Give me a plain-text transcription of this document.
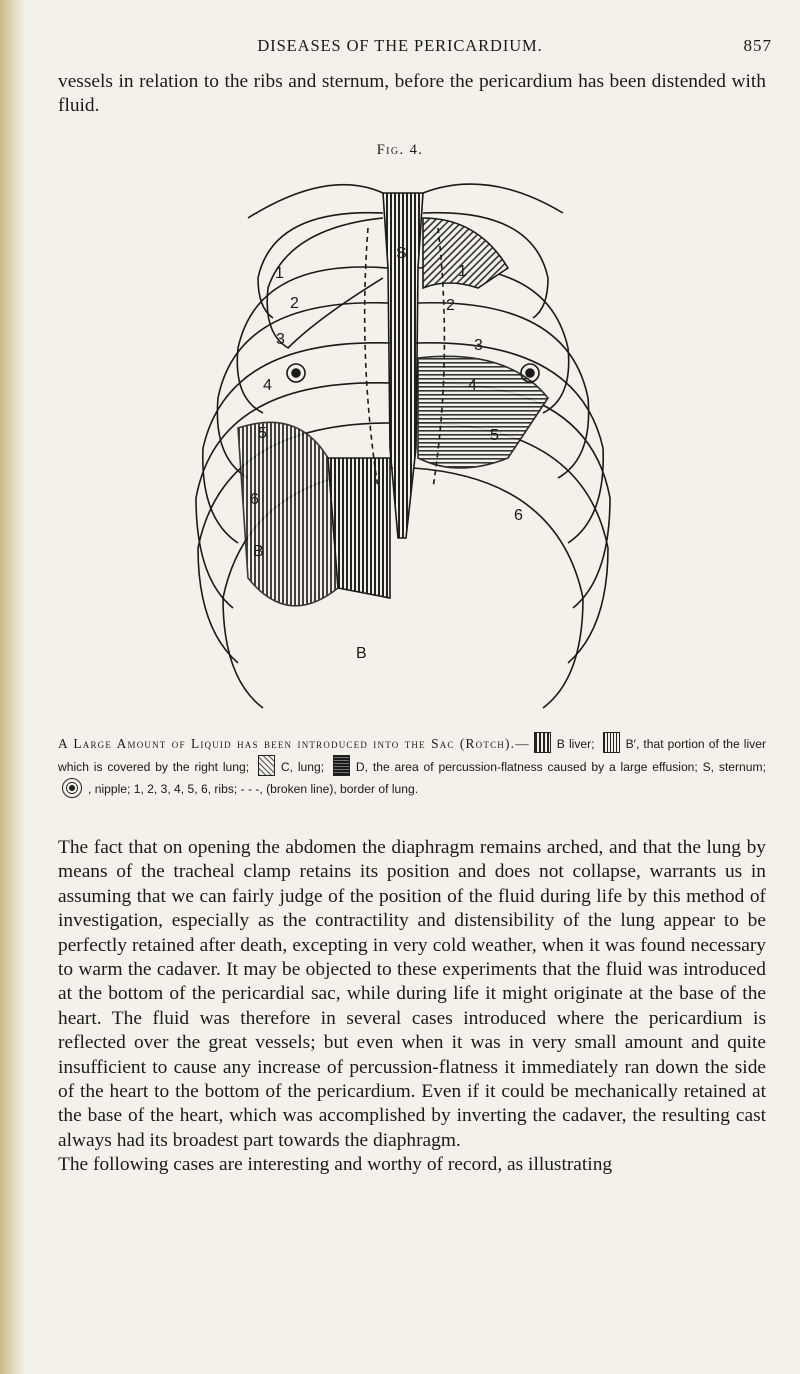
DISEASES OF THE PERICARDIUM.	857
vessels in relation to the ribs and sternum, before the pericardium has been distended with fluid.
Fig. 4.
1
2
3
4
5
6
1
2
3
4
5
6
S
B
B
A Large Amount of Liquid has been introduced into the Sac (Rotch).— B liver;	B′, that portion of the liver which is covered by the right lung;	C, lung;	D, the area of percussion-flatness caused by a large effusion; S, sternum; , nipple; 1, 2, 3, 4, 5, 6, ribs; - - -, (broken line), border of lung.

The fact that on opening the abdomen the diaphragm remains arched, and that the lung by means of the tracheal clamp retains its position and does not collapse, warrants us in assuming that we can fairly judge of the position of the fluid during life by this method of investigation, especially as the contractility and distensibility of the lung appear to be perfectly retained after death, excepting in very cold weather, when it was found necessary to warm the cadaver. It may be objected to these experiments that the fluid was introduced at the bottom of the pericardial sac, while during life it might originate at the base of the heart. The fluid was therefore in several cases introduced where the pericardium is reflected over the great vessels; but even when it was in very small amount and quite insufficient to cause any increase of percussion-flatness it immediately ran down the side of the heart to the bottom of the pericardium. Even if it could be mechanically retained at the base of the heart, which was accomplished by inverting the cadaver, the resulting cast always had its broadest part towards the diaphragm.

The following cases are interesting and worthy of record, as illustrating
